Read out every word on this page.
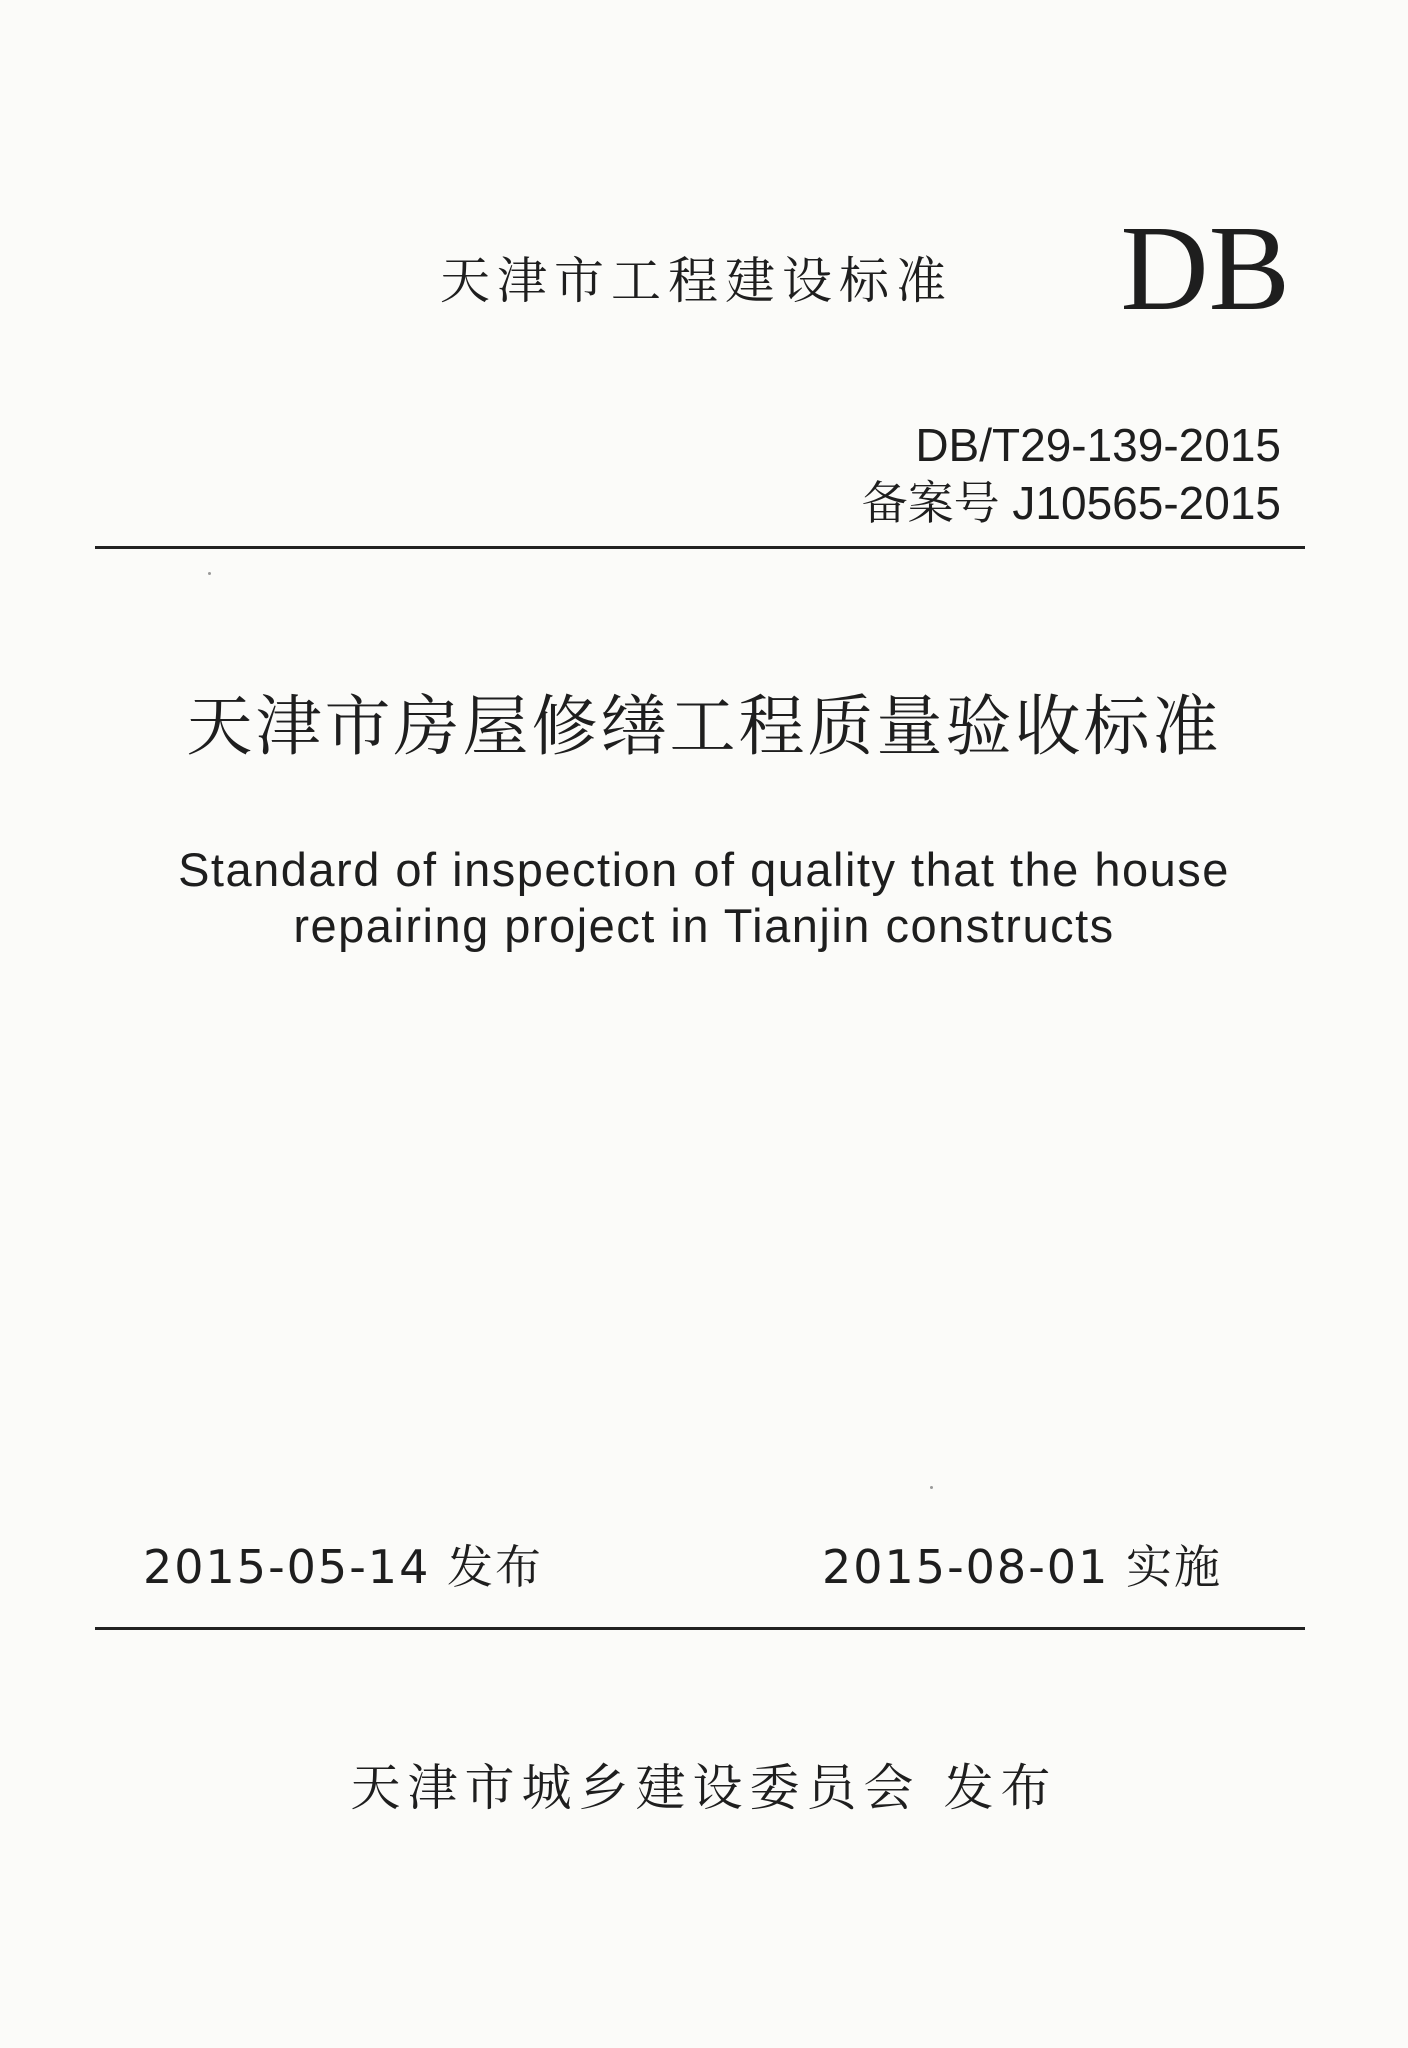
天津市工程建设标准 DB
DB/T29-139-2015
备案号 J10565-2015
天津市房屋修缮工程质量验收标准
Standard of inspection of quality that the house
repairing project in Tianjin constructs
2015-05-14 发布	2015-08-01 实施
天津市城乡建设委员会 发布
